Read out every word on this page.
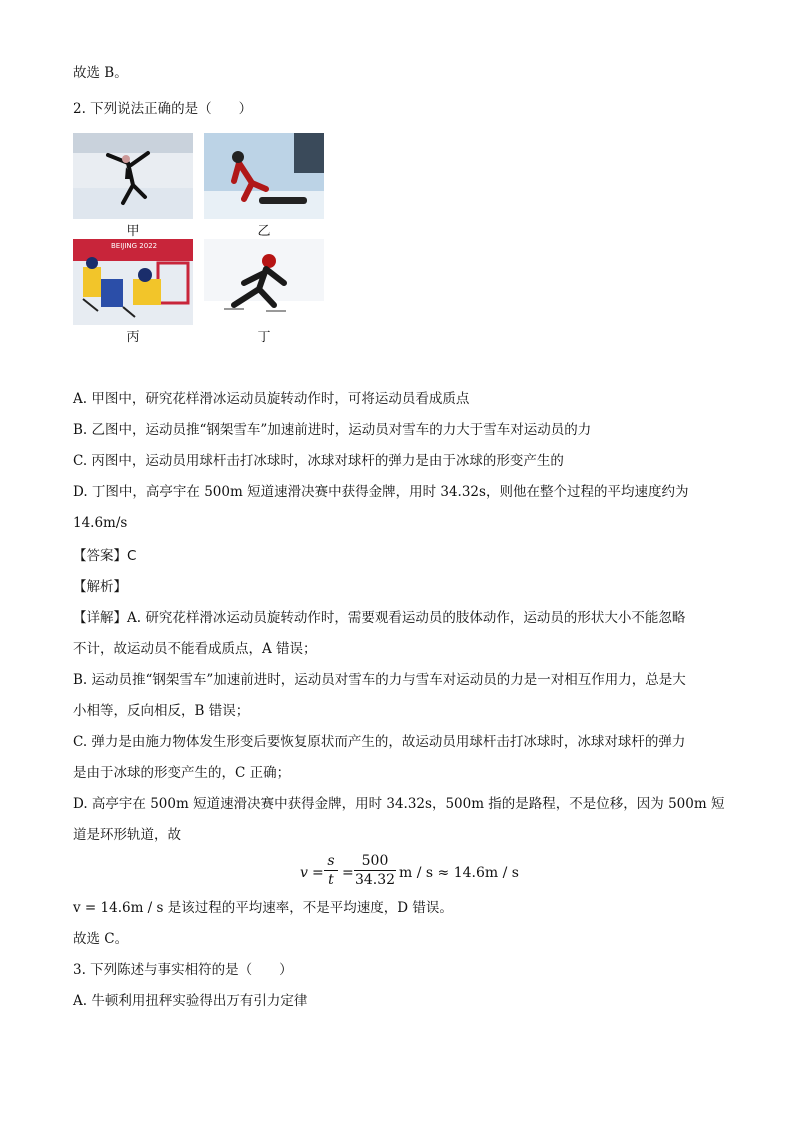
故选 B。
2. 下列说法正确的是（　　）
甲	乙
BEIJING 2022
丙	丁
A. 甲图中，研究花样滑冰运动员旋转动作时，可将运动员看成质点
B. 乙图中，运动员推“钢架雪车”加速前进时，运动员对雪车的力大于雪车对运动员的力
C. 丙图中，运动员用球杆击打冰球时，冰球对球杆的弹力是由于冰球的形变产生的
D. 丁图中，高亭宇在 500m 短道速滑决赛中获得金牌，用时 34.32s，则他在整个过程的平均速度约为
14.6m/s
【答案】C
【解析】
【详解】A. 研究花样滑冰运动员旋转动作时，需要观看运动员的肢体动作，运动员的形状大小不能忽略
不计，故运动员不能看成质点，A 错误；
B. 运动员推“钢架雪车”加速前进时，运动员对雪车的力与雪车对运动员的力是一对相互作用力，总是大
小相等，反向相反，B 错误；
C. 弹力是由施力物体发生形变后要恢复原状而产生的，故运动员用球杆击打冰球时，冰球对球杆的弹力
是由于冰球的形变产生的，C 正确；
D. 高亭宇在 500m 短道速滑决赛中获得金牌，用时 34.32s，500m 指的是路程，不是位移，因为 500m 短
道是环形轨道，故
$v = \frac{s}{t} = \frac{500}{34.32}$ m / s ≈ 14.6m / s
v = 14.6m / s 是该过程的平均速率，不是平均速度，D 错误。
故选 C。
3. 下列陈述与事实相符的是（　　）
A. 牛顿利用扭秤实验得出万有引力定律
